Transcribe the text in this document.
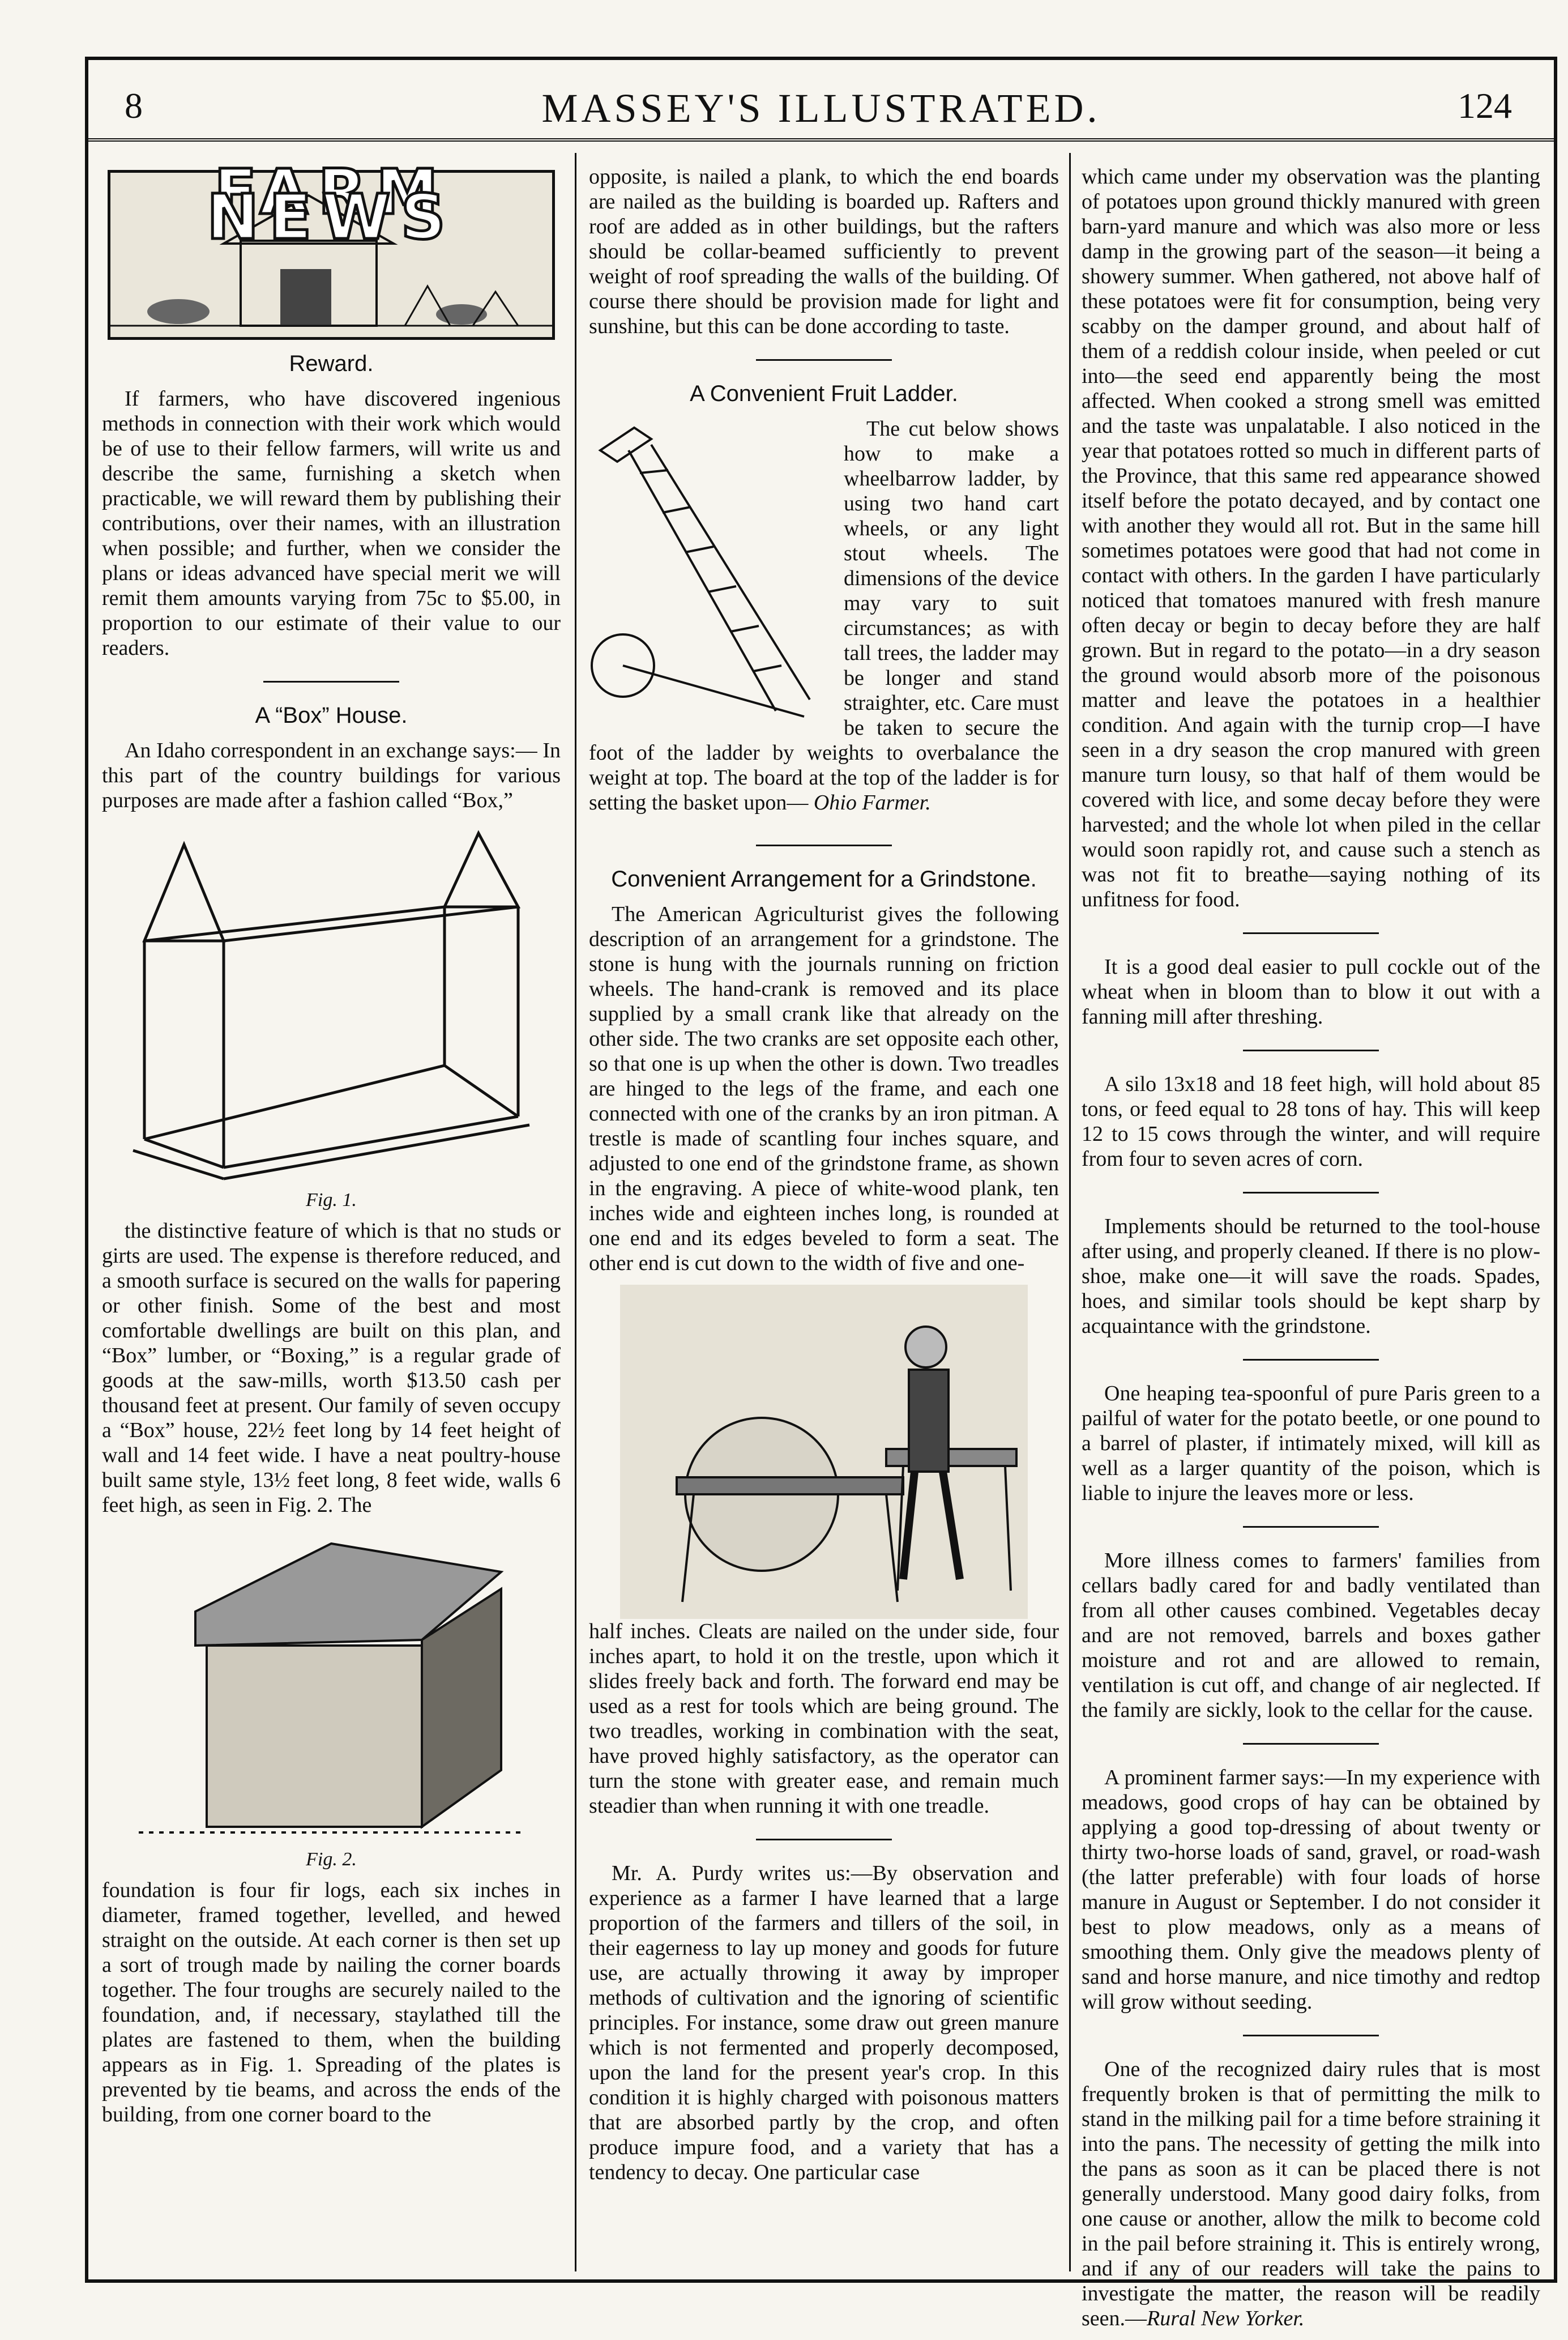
8	MASSEY'S ILLUSTRATED.	124
FARM NEWS
Reward.

If farmers, who have discovered ingenious methods in connection with their work which would be of use to their fellow farmers, will write us and describe the same, furnishing a sketch when practicable, we will reward them by publishing their contributions, over their names, with an illustration when possible; and further, when we consider the plans or ideas advanced have special merit we will remit them amounts varying from 75c to $5.00, in proportion to our estimate of their value to our readers.

A “Box” House.

An Idaho correspondent in an exchange says:— In this part of the country buildings for various purposes are made after a fashion called “Box,”

Fig. 1.

the distinctive feature of which is that no studs or girts are used. The expense is therefore reduced, and a smooth surface is secured on the walls for papering or other finish. Some of the best and most comfortable dwellings are built on this plan, and “Box” lumber, or “Boxing,” is a regular grade of goods at the saw-mills, worth $13.50 cash per thousand feet at present. Our family of seven occupy a “Box” house, 22½ feet long by 14 feet height of wall and 14 feet wide. I have a neat poultry-house built same style, 13½ feet long, 8 feet wide, walls 6 feet high, as seen in Fig. 2. The

Fig. 2.

foundation is four fir logs, each six inches in diameter, framed together, levelled, and hewed straight on the outside. At each corner is then set up a sort of trough made by nailing the corner boards together. The four troughs are securely nailed to the foundation, and, if necessary, staylathed till the plates are fastened to them, when the building appears as in Fig. 1. Spreading of the plates is prevented by tie beams, and across the ends of the building, from one corner board to the

opposite, is nailed a plank, to which the end boards are nailed as the building is boarded up. Rafters and roof are added as in other buildings, but the rafters should be collar-beamed sufficiently to prevent weight of roof spreading the walls of the building. Of course there should be provision made for light and sunshine, but this can be done according to taste.

A Convenient Fruit Ladder.

The cut below shows how to make a wheelbarrow ladder, by using two hand cart wheels, or any light stout wheels. The dimensions of the device may vary to suit circumstances; as with tall trees, the ladder may be longer and stand straighter, etc. Care must be taken to secure the foot of the ladder by weights to overbalance the weight at top. The board at the top of the ladder is for setting the basket upon— Ohio Farmer.

Convenient Arrangement for a Grindstone.

The American Agriculturist gives the following description of an arrangement for a grindstone. The stone is hung with the journals running on friction wheels. The hand-crank is removed and its place supplied by a small crank like that already on the other side. The two cranks are set opposite each other, so that one is up when the other is down. Two treadles are hinged to the legs of the frame, and each one connected with one of the cranks by an iron pitman. A trestle is made of scantling four inches square, and adjusted to one end of the grindstone frame, as shown in the engraving. A piece of white-wood plank, ten inches wide and eighteen inches long, is rounded at one end and its edges beveled to form a seat. The other end is cut down to the width of five and one-

half inches. Cleats are nailed on the under side, four inches apart, to hold it on the trestle, upon which it slides freely back and forth. The forward end may be used as a rest for tools which are being ground. The two treadles, working in combination with the seat, have proved highly satisfactory, as the operator can turn the stone with greater ease, and remain much steadier than when running it with one treadle.

Mr. A. Purdy writes us:—By observation and experience as a farmer I have learned that a large proportion of the farmers and tillers of the soil, in their eagerness to lay up money and goods for future use, are actually throwing it away by improper methods of cultivation and the ignoring of scientific principles. For instance, some draw out green manure which is not fermented and properly decomposed, upon the land for the present year's crop. In this condition it is highly charged with poisonous matters that are absorbed partly by the crop, and often produce impure food, and a variety that has a tendency to decay. One particular case

which came under my observation was the planting of potatoes upon ground thickly manured with green barn-yard manure and which was also more or less damp in the growing part of the season—it being a showery summer. When gathered, not above half of these potatoes were fit for consumption, being very scabby on the damper ground, and about half of them of a reddish colour inside, when peeled or cut into—the seed end apparently being the most affected. When cooked a strong smell was emitted and the taste was unpalatable. I also noticed in the year that potatoes rotted so much in different parts of the Province, that this same red appearance showed itself before the potato decayed, and by contact one with another they would all rot. But in the same hill sometimes potatoes were good that had not come in contact with others. In the garden I have particularly noticed that tomatoes manured with fresh manure often decay or begin to decay before they are half grown. But in regard to the potato—in a dry season the ground would absorb more of the poisonous matter and leave the potatoes in a healthier condition. And again with the turnip crop—I have seen in a dry season the crop manured with green manure turn lousy, so that half of them would be covered with lice, and some decay before they were harvested; and the whole lot when piled in the cellar would soon rapidly rot, and cause such a stench as was not fit to breathe—saying nothing of its unfitness for food.

It is a good deal easier to pull cockle out of the wheat when in bloom than to blow it out with a fanning mill after threshing.

A silo 13x18 and 18 feet high, will hold about 85 tons, or feed equal to 28 tons of hay. This will keep 12 to 15 cows through the winter, and will require from four to seven acres of corn.

Implements should be returned to the tool-house after using, and properly cleaned. If there is no plow-shoe, make one—it will save the roads. Spades, hoes, and similar tools should be kept sharp by acquaintance with the grindstone.

One heaping tea-spoonful of pure Paris green to a pailful of water for the potato beetle, or one pound to a barrel of plaster, if intimately mixed, will kill as well as a larger quantity of the poison, which is liable to injure the leaves more or less.

More illness comes to farmers' families from cellars badly cared for and badly ventilated than from all other causes combined. Vegetables decay and are not removed, barrels and boxes gather moisture and rot and are allowed to remain, ventilation is cut off, and change of air neglected. If the family are sickly, look to the cellar for the cause.

A prominent farmer says:—In my experience with meadows, good crops of hay can be obtained by applying a good top-dressing of about twenty or thirty two-horse loads of sand, gravel, or road-wash (the latter preferable) with four loads of horse manure in August or September. I do not consider it best to plow meadows, only as a means of smoothing them. Only give the meadows plenty of sand and horse manure, and nice timothy and redtop will grow without seeding.

One of the recognized dairy rules that is most frequently broken is that of permitting the milk to stand in the milking pail for a time before straining it into the pans. The necessity of getting the milk into the pans as soon as it can be placed there is not generally understood. Many good dairy folks, from one cause or another, allow the milk to become cold in the pail before straining it. This is entirely wrong, and if any of our readers will take the pains to investigate the matter, the reason will be readily seen.—Rural New Yorker.
